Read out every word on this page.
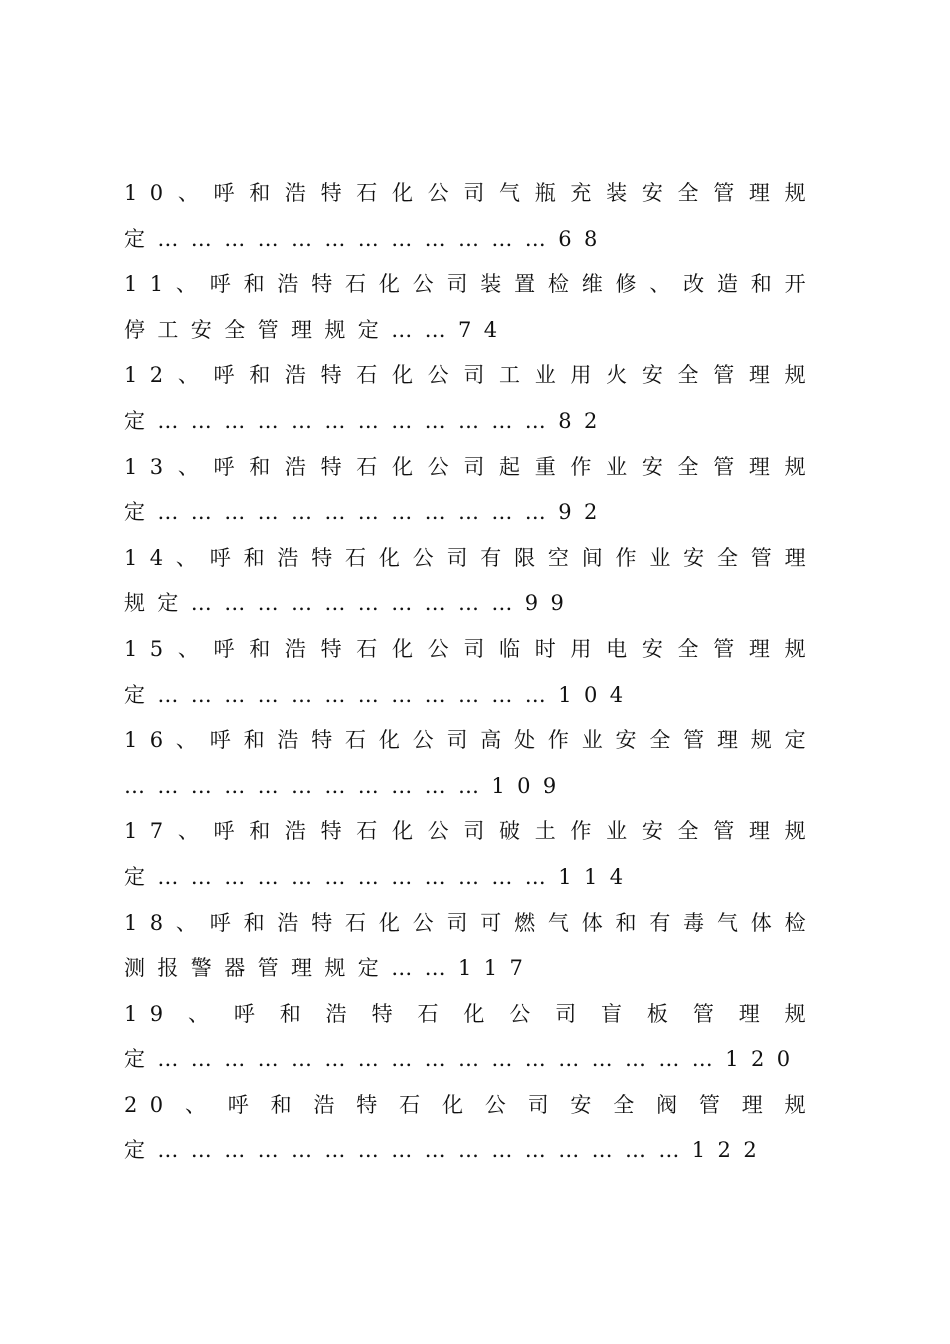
10、呼和浩特石化公司气瓶充装安全管理规定………………………………68

11、呼和浩特石化公司装置检维修、改造和开停工安全管理规定……74

12、呼和浩特石化公司工业用火安全管理规定………………………………82

13、呼和浩特石化公司起重作业安全管理规定………………………………92

14、呼和浩特石化公司有限空间作业安全管理规定…………………………99

15、呼和浩特石化公司临时用电安全管理规定………………………………104

16、呼和浩特石化公司高处作业安全管理规定 ……………………………109

17、呼和浩特石化公司破土作业安全管理规定………………………………114

18、呼和浩特石化公司可燃气体和有毒气体检测报警器管理规定……117

19、呼和浩特石化公司盲板管理规定……………………………………………120

20、呼和浩特石化公司安全阀管理规定…………………………………………122
